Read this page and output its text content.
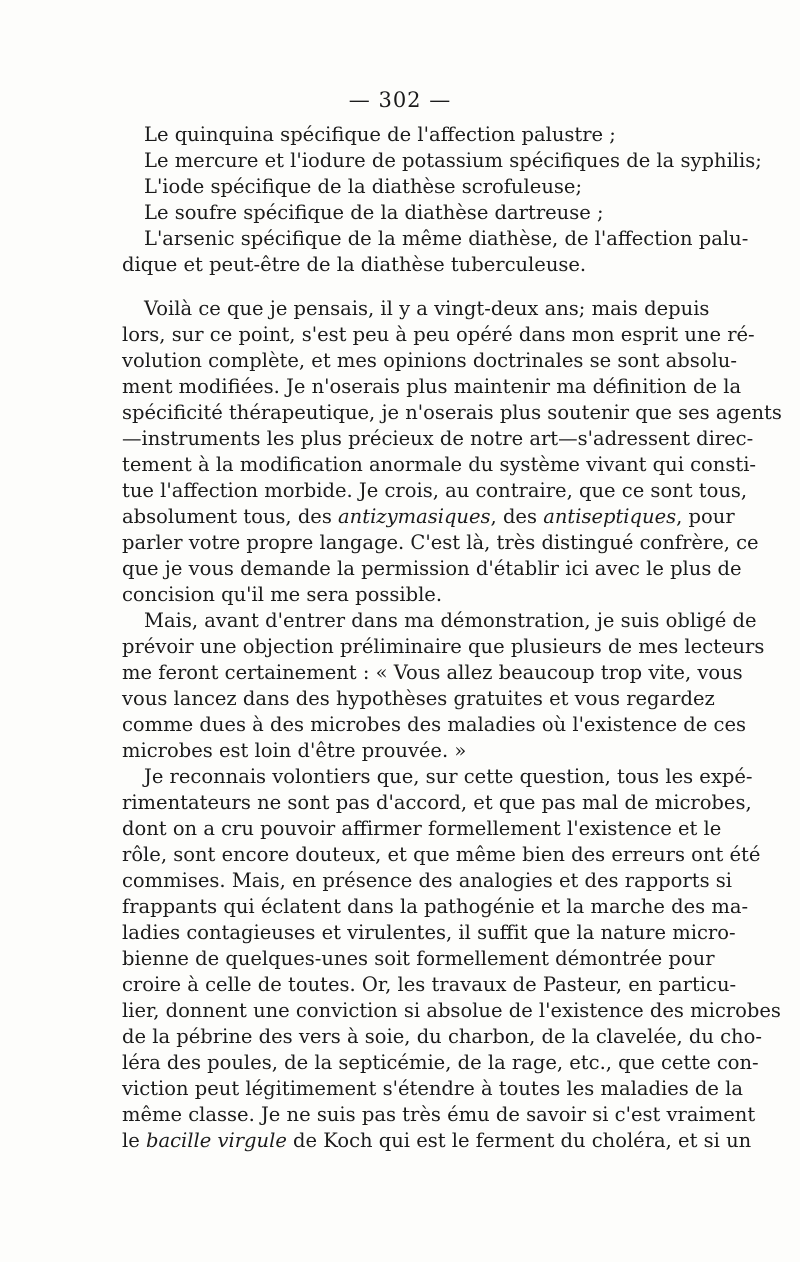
— 302 —

Le quinquina spécifique de l'affection palustre ;
Le mercure et l'iodure de potassium spécifiques de la syphilis;
L'iode spécifique de la diathèse scrofuleuse;
Le soufre spécifique de la diathèse dartreuse ;
L'arsenic spécifique de la même diathèse, de l'affection palu-
dique et peut-être de la diathèse tuberculeuse.
Voilà ce que je pensais, il y a vingt-deux ans; mais depuis
lors, sur ce point, s'est peu à peu opéré dans mon esprit une ré-
volution complète, et mes opinions doctrinales se sont absolu-
ment modifiées. Je n'oserais plus maintenir ma définition de la
spécificité thérapeutique, je n'oserais plus soutenir que ses agents
—instruments les plus précieux de notre art—s'adressent direc-
tement à la modification anormale du système vivant qui consti-
tue l'affection morbide. Je crois, au contraire, que ce sont tous,
absolument tous, des antizymasiques, des antiseptiques, pour
parler votre propre langage. C'est là, très distingué confrère, ce
que je vous demande la permission d'établir ici avec le plus de
concision qu'il me sera possible.
Mais, avant d'entrer dans ma démonstration, je suis obligé de
prévoir une objection préliminaire que plusieurs de mes lecteurs
me feront certainement : « Vous allez beaucoup trop vite, vous
vous lancez dans des hypothèses gratuites et vous regardez
comme dues à des microbes des maladies où l'existence de ces
microbes est loin d'être prouvée. »
Je reconnais volontiers que, sur cette question, tous les expé-
rimentateurs ne sont pas d'accord, et que pas mal de microbes,
dont on a cru pouvoir affirmer formellement l'existence et le
rôle, sont encore douteux, et que même bien des erreurs ont été
commises. Mais, en présence des analogies et des rapports si
frappants qui éclatent dans la pathogénie et la marche des ma-
ladies contagieuses et virulentes, il suffit que la nature micro-
bienne de quelques-unes soit formellement démontrée pour
croire à celle de toutes. Or, les travaux de Pasteur, en particu-
lier, donnent une conviction si absolue de l'existence des microbes
de la pébrine des vers à soie, du charbon, de la clavelée, du cho-
léra des poules, de la septicémie, de la rage, etc., que cette con-
viction peut légitimement s'étendre à toutes les maladies de la
même classe. Je ne suis pas très ému de savoir si c'est vraiment
le bacille virgule de Koch qui est le ferment du choléra, et si un
